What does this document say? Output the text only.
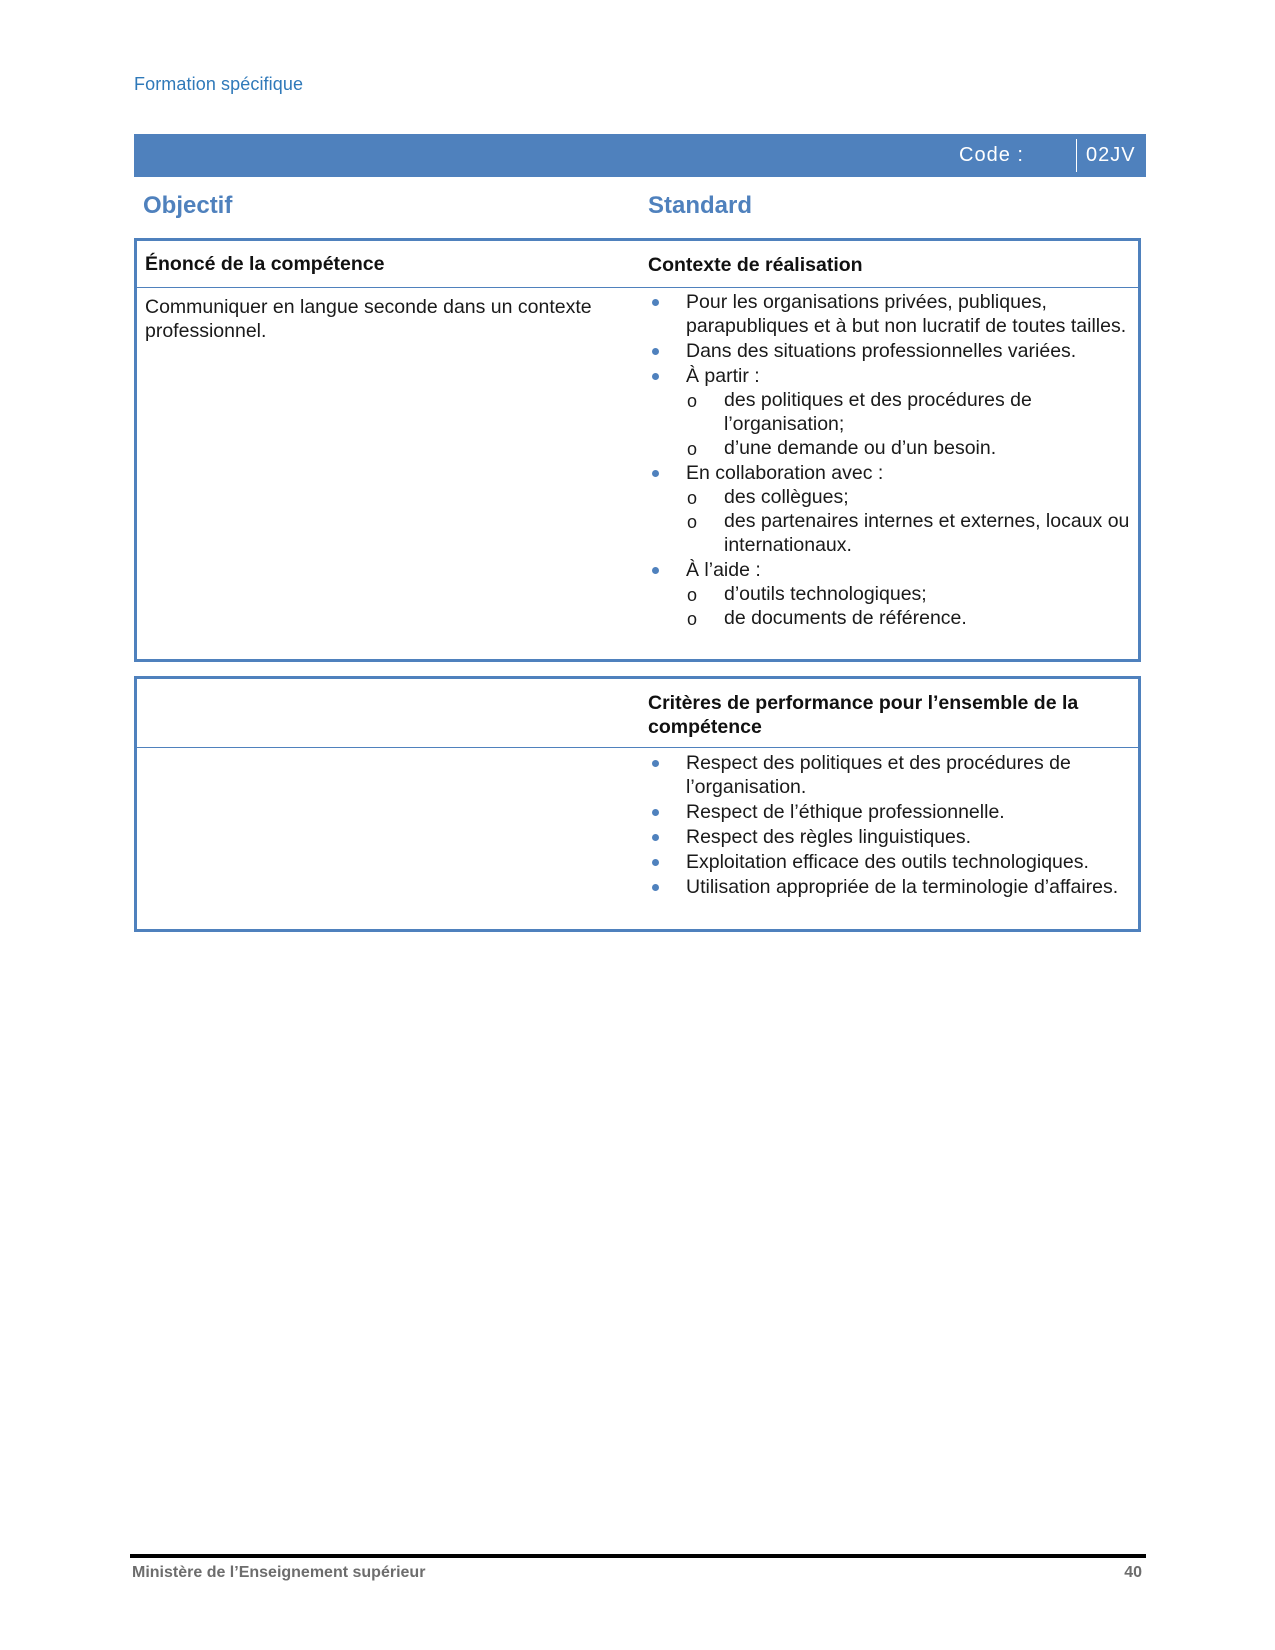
Formation spécifique
Code :	02JV
Objectif	Standard
Énoncé de la compétence	Contexte de réalisation
Communiquer en langue seconde dans un contexte professionnel.
Pour les organisations privées, publiques, parapubliques et à but non lucratif de toutes tailles.
Dans des situations professionnelles variées.
À partir :
o des politiques et des procédures de l’organisation;
o d’une demande ou d’un besoin.
En collaboration avec :
o des collègues;
o des partenaires internes et externes, locaux ou internationaux.
À l’aide :
o d’outils technologiques;
o de documents de référence.
Critères de performance pour l’ensemble de la compétence
Respect des politiques et des procédures de l’organisation.
Respect de l’éthique professionnelle.
Respect des règles linguistiques.
Exploitation efficace des outils technologiques.
Utilisation appropriée de la terminologie d’affaires.
Ministère de l’Enseignement supérieur	40
